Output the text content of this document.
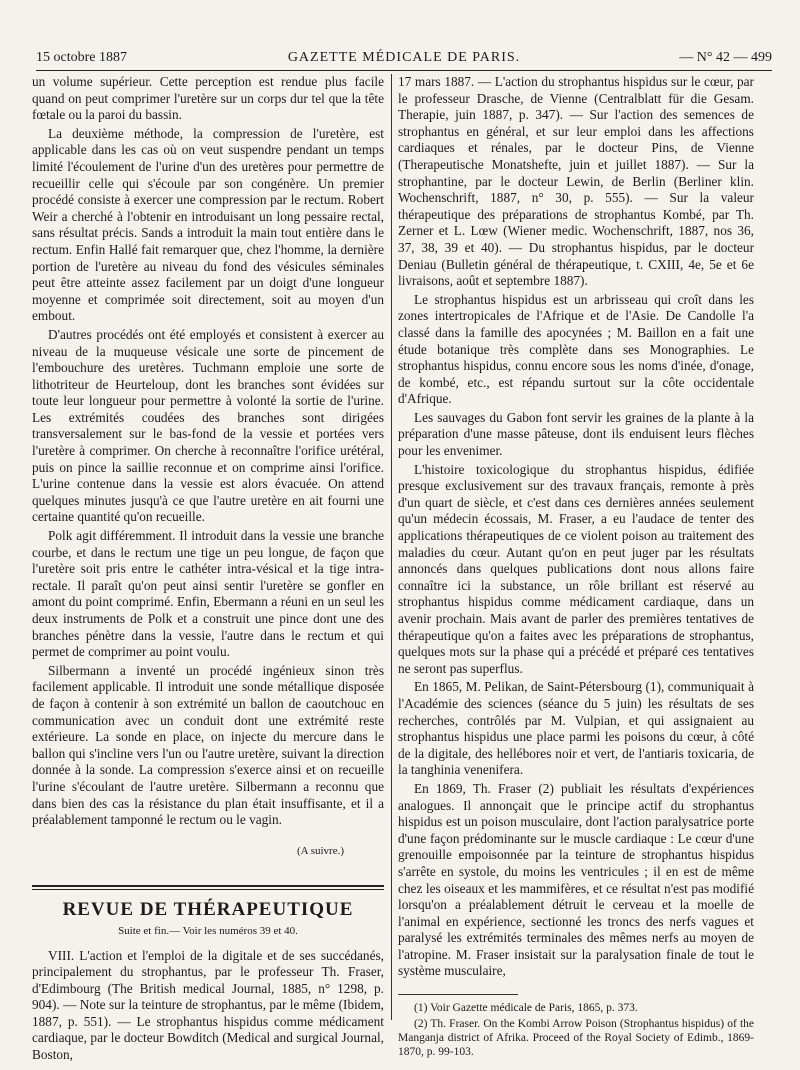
15 octobre 1887	GAZETTE MÉDICALE DE PARIS.	— N° 42 — 499

un volume supérieur. Cette perception est rendue plus facile quand on peut comprimer l'uretère sur un corps dur tel que la tête fœtale ou la paroi du bassin.

La deuxième méthode, la compression de l'uretère, est applicable dans les cas où on veut suspendre pendant un temps limité l'écoulement de l'urine d'un des uretères pour permettre de recueillir celle qui s'écoule par son congénère. Un premier procédé consiste à exercer une compression par le rectum. Robert Weir a cherché à l'obtenir en introduisant un long pessaire rectal, sans résultat précis. Sands a introduit la main tout entière dans le rectum. Enfin Hallé fait remarquer que, chez l'homme, la dernière portion de l'uretère au niveau du fond des vésicules séminales peut être atteinte assez facilement par un doigt d'une longueur moyenne et comprimée soit directement, soit au moyen d'un embout.

D'autres procédés ont été employés et consistent à exercer au niveau de la muqueuse vésicale une sorte de pincement de l'embouchure des uretères. Tuchmann emploie une sorte de lithotriteur de Heurteloup, dont les branches sont évidées sur toute leur longueur pour permettre à volonté la sortie de l'urine. Les extrémités coudées des branches sont dirigées transversalement sur le bas-fond de la vessie et portées vers l'uretère à comprimer. On cherche à reconnaître l'orifice urétéral, puis on pince la saillie reconnue et on comprime ainsi l'orifice. L'urine contenue dans la vessie est alors évacuée. On attend quelques minutes jusqu'à ce que l'autre uretère en ait fourni une certaine quantité qu'on recueille.

Polk agit différemment. Il introduit dans la vessie une branche courbe, et dans le rectum une tige un peu longue, de façon que l'uretère soit pris entre le cathéter intra-vésical et la tige intra-rectale. Il paraît qu'on peut ainsi sentir l'uretère se gonfler en amont du point comprimé. Enfin, Ebermann a réuni en un seul les deux instruments de Polk et a construit une pince dont une des branches pénètre dans la vessie, l'autre dans le rectum et qui permet de comprimer au point voulu.

Silbermann a inventé un procédé ingénieux sinon très facilement applicable. Il introduit une sonde métallique disposée de façon à contenir à son extrémité un ballon de caoutchouc en communication avec un conduit dont une extrémité reste extérieure. La sonde en place, on injecte du mercure dans le ballon qui s'incline vers l'un ou l'autre uretère, suivant la direction donnée à la sonde. La compression s'exerce ainsi et on recueille l'urine s'écoulant de l'autre uretère. Silbermann a reconnu que dans bien des cas la résistance du plan était insuffisante, et il a préalablement tamponné le rectum ou le vagin.

(A suivre.)
REVUE DE THÉRAPEUTIQUE
Suite et fin.— Voir les numéros 39 et 40.

VIII. L'action et l'emploi de la digitale et de ses succédanés, principalement du strophantus, par le professeur Th. Fraser, d'Edimbourg (The British medical Journal, 1885, n° 1298, p. 904). — Note sur la teinture de strophantus, par le même (Ibidem, 1887, p. 551). — Le strophantus hispidus comme médicament cardiaque, par le docteur Bowditch (Medical and surgical Journal, Boston,

17 mars 1887. — L'action du strophantus hispidus sur le cœur, par le professeur Drasche, de Vienne (Centralblatt für die Gesam. Therapie, juin 1887, p. 347). — Sur l'action des semences de strophantus en général, et sur leur emploi dans les affections cardiaques et rénales, par le docteur Pins, de Vienne (Therapeutische Monatshefte, juin et juillet 1887). — Sur la strophantine, par le docteur Lewin, de Berlin (Berliner klin. Wochenschrift, 1887, n° 30, p. 555). — Sur la valeur thérapeutique des préparations de strophantus Kombé, par Th. Zerner et L. Lœw (Wiener medic. Wochenschrift, 1887, nos 36, 37, 38, 39 et 40). — Du strophantus hispidus, par le docteur Deniau (Bulletin général de thérapeutique, t. CXIII, 4e, 5e et 6e livraisons, août et septembre 1887).

Le strophantus hispidus est un arbrisseau qui croît dans les zones intertropicales de l'Afrique et de l'Asie. De Candolle l'a classé dans la famille des apocynées ; M. Baillon en a fait une étude botanique très complète dans ses Monographies. Le strophantus hispidus, connu encore sous les noms d'inée, d'onage, de kombé, etc., est répandu surtout sur la côte occidentale d'Afrique.

Les sauvages du Gabon font servir les graines de la plante à la préparation d'une masse pâteuse, dont ils enduisent leurs flèches pour les envenimer.

L'histoire toxicologique du strophantus hispidus, édifiée presque exclusivement sur des travaux français, remonte à près d'un quart de siècle, et c'est dans ces dernières années seulement qu'un médecin écossais, M. Fraser, a eu l'audace de tenter des applications thérapeutiques de ce violent poison au traitement des maladies du cœur. Autant qu'on en peut juger par les résultats annoncés dans quelques publications dont nous allons faire connaître ici la substance, un rôle brillant est réservé au strophantus hispidus comme médicament cardiaque, dans un avenir prochain. Mais avant de parler des premières tentatives de thérapeutique qu'on a faites avec les préparations de strophantus, quelques mots sur la phase qui a précédé et préparé ces tentatives ne seront pas superflus.

En 1865, M. Pelikan, de Saint-Pétersbourg (1), communiquait à l'Académie des sciences (séance du 5 juin) les résultats de ses recherches, contrôlés par M. Vulpian, et qui assignaient au strophantus hispidus une place parmi les poisons du cœur, à côté de la digitale, des hellébores noir et vert, de l'antiaris toxicaria, de la tanghinia venenifera.

En 1869, Th. Fraser (2) publiait les résultats d'expériences analogues. Il annonçait que le principe actif du strophantus hispidus est un poison musculaire, dont l'action paralysatrice porte d'une façon prédominante sur le muscle cardiaque : Le cœur d'une grenouille empoisonnée par la teinture de strophantus hispidus s'arrête en systole, du moins les ventricules ; il en est de même chez les oiseaux et les mammifères, et ce résultat n'est pas modifié lorsqu'on a préalablement détruit le cerveau et la moelle de l'animal en expérience, sectionné les troncs des nerfs vagues et paralysé les extrémités terminales des mêmes nerfs au moyen de l'atropine. M. Fraser insistait sur la paralysation finale de tout le système musculaire,

(1) Voir Gazette médicale de Paris, 1865, p. 373.

(2) Th. Fraser. On the Kombi Arrow Poison (Strophantus hispidus) of the Manganja district of Afrika. Proceed of the Royal Society of Edimb., 1869-1870, p. 99-103.
